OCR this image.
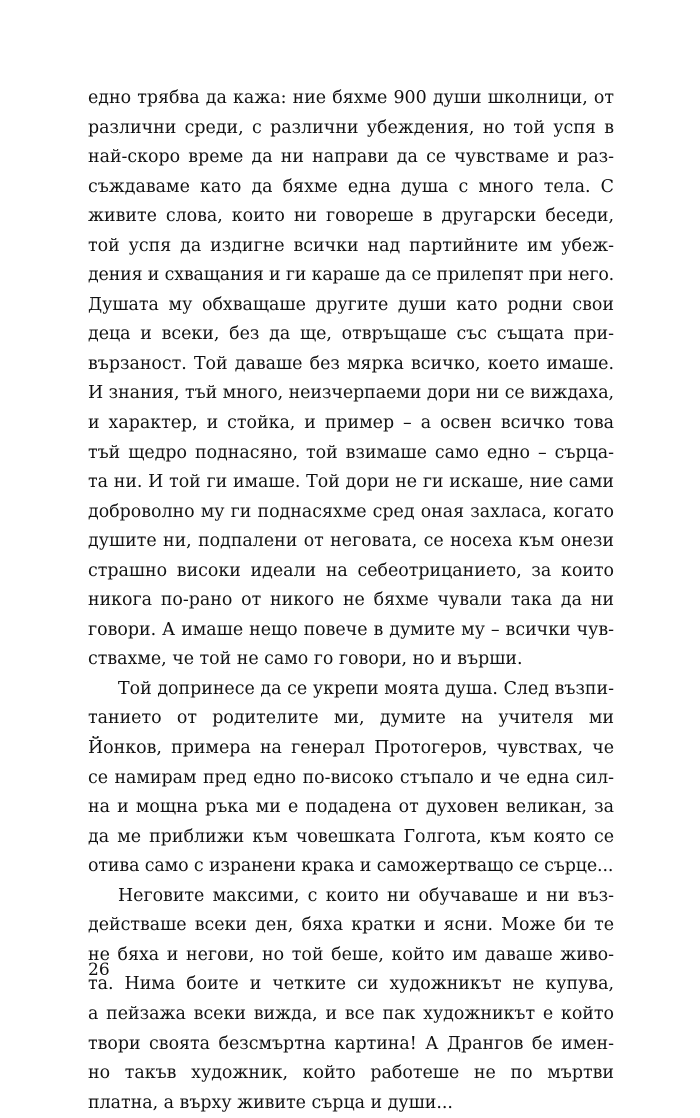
едно трябва да кажа: ние бяхме 900 души школници, от
различни среди, с различни убеждения, но той успя в
най-скоро време да ни направи да се чувстваме и раз-
съждаваме като да бяхме една душа с много тела. С
живите слова, които ни говореше в другарски беседи,
той успя да издигне всички над партийните им убеж-
дения и схващания и ги караше да се прилепят при него.
Душата му обхващаше другите души като родни свои
деца и всеки, без да ще, отвръщаше със същата при-
вързаност. Той даваше без мярка всичко, което имаше.
И знания, тъй много, неизчерпаеми дори ни се виждаха,
и характер, и стойка, и пример – а освен всичко това
тъй щедро поднасяно, той взимаше само едно – сърца-
та ни. И той ги имаше. Той дори не ги искаше, ние сами
доброволно му ги поднасяхме сред оная захласа, когато
душите ни, подпалени от неговата, се носеха към онези
страшно високи идеали на себеотрицанието, за които
никога по-рано от никого не бяхме чували така да ни
говори. А имаше нещо повече в думите му – всички чув-
ствахме, че той не само го говори, но и върши.

Той допринесе да се укрепи моята душа. След възпи-
танието от родителите ми, думите на учителя ми
Йонков, примера на генерал Протогеров, чувствах, че
се намирам пред едно по-високо стъпало и че една сил-
на и мощна ръка ми е подадена от духовен великан, за
да ме приближи към човешката Голгота, към която се
отива само с изранени крака и саможертващо се сърце...

Неговите максими, с които ни обучаваше и ни въз-
действаше всеки ден, бяха кратки и ясни. Може би те
не бяха и негови, но той беше, който им даваше живо-
та. Нима боите и четките си художникът не купува,
а пейзажа всеки вижда, и все пак художникът е който
твори своята безсмъртна картина! А Дрангов бе имен-
но такъв художник, който работеше не по мъртви
платна, а върху живите сърца и души...

26
